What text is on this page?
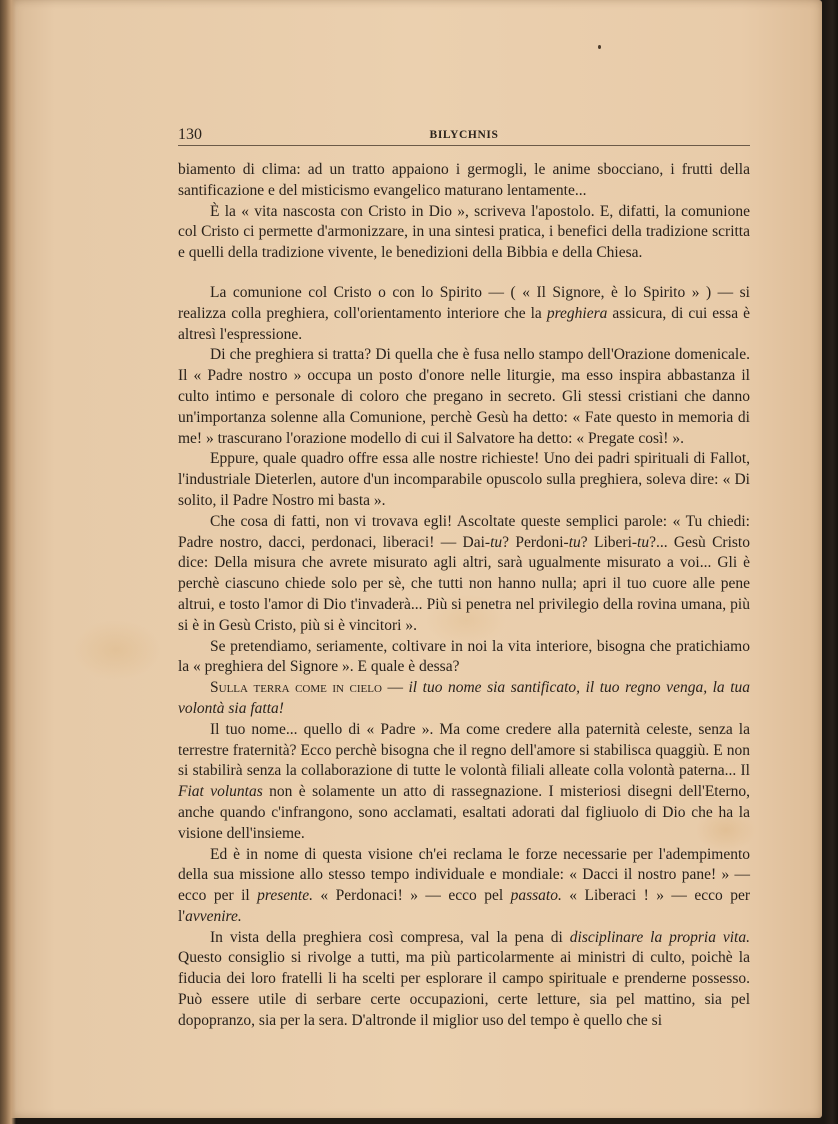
130	BILYCHNIS

biamento di clima: ad un tratto appaiono i germogli, le anime sbocciano, i frutti della santificazione e del misticismo evangelico maturano lentamente...

È la « vita nascosta con Cristo in Dio », scriveva l'apostolo. E, difatti, la comunione col Cristo ci permette d'armonizzare, in una sintesi pratica, i benefici della tradizione scritta e quelli della tradizione vivente, le benedizioni della Bibbia e della Chiesa.

La comunione col Cristo o con lo Spirito — ( « Il Signore, è lo Spirito » ) — si realizza colla preghiera, coll'orientamento interiore che la preghiera assicura, di cui essa è altresì l'espressione.

Di che preghiera si tratta? Di quella che è fusa nello stampo dell'Orazione domenicale. Il « Padre nostro » occupa un posto d'onore nelle liturgie, ma esso inspira abbastanza il culto intimo e personale di coloro che pregano in secreto. Gli stessi cristiani che danno un'importanza solenne alla Comunione, perchè Gesù ha detto: « Fate questo in memoria di me! » trascurano l'orazione modello di cui il Salvatore ha detto: « Pregate così! ».

Eppure, quale quadro offre essa alle nostre richieste! Uno dei padri spirituali di Fallot, l'industriale Dieterlen, autore d'un incomparabile opuscolo sulla preghiera, soleva dire: « Di solito, il Padre Nostro mi basta ».

Che cosa di fatti, non vi trovava egli! Ascoltate queste semplici parole: « Tu chiedi: Padre nostro, dacci, perdonaci, liberaci! — Dai-tu? Perdoni-tu? Liberi-tu?... Gesù Cristo dice: Della misura che avrete misurato agli altri, sarà ugualmente misurato a voi... Gli è perchè ciascuno chiede solo per sè, che tutti non hanno nulla; apri il tuo cuore alle pene altrui, e tosto l'amor di Dio t'invaderà... Più si penetra nel privilegio della rovina umana, più si è in Gesù Cristo, più si è vincitori ».

Se pretendiamo, seriamente, coltivare in noi la vita interiore, bisogna che pratichiamo la « preghiera del Signore ». E quale è dessa?

Sulla terra come in cielo — il tuo nome sia santificato, il tuo regno venga, la tua volontà sia fatta!

Il tuo nome... quello di « Padre ». Ma come credere alla paternità celeste, senza la terrestre fraternità? Ecco perchè bisogna che il regno dell'amore si stabilisca quaggiù. E non si stabilirà senza la collaborazione di tutte le volontà filiali alleate colla volontà paterna... Il Fiat voluntas non è solamente un atto di rassegnazione. I misteriosi disegni dell'Eterno, anche quando c'infrangono, sono acclamati, esaltati adorati dal figliuolo di Dio che ha la visione dell'insieme.

Ed è in nome di questa visione ch'ei reclama le forze necessarie per l'adempimento della sua missione allo stesso tempo individuale e mondiale: « Dacci il nostro pane! » — ecco per il presente. « Perdonaci! » — ecco pel passato. « Liberaci ! » — ecco per l'avvenire.

In vista della preghiera così compresa, val la pena di disciplinare la propria vita. Questo consiglio si rivolge a tutti, ma più particolarmente ai ministri di culto, poichè la fiducia dei loro fratelli li ha scelti per esplorare il campo spirituale e prenderne possesso. Può essere utile di serbare certe occupazioni, certe letture, sia pel mattino, sia pel dopopranzo, sia per la sera. D'altronde il miglior uso del tempo è quello che si
